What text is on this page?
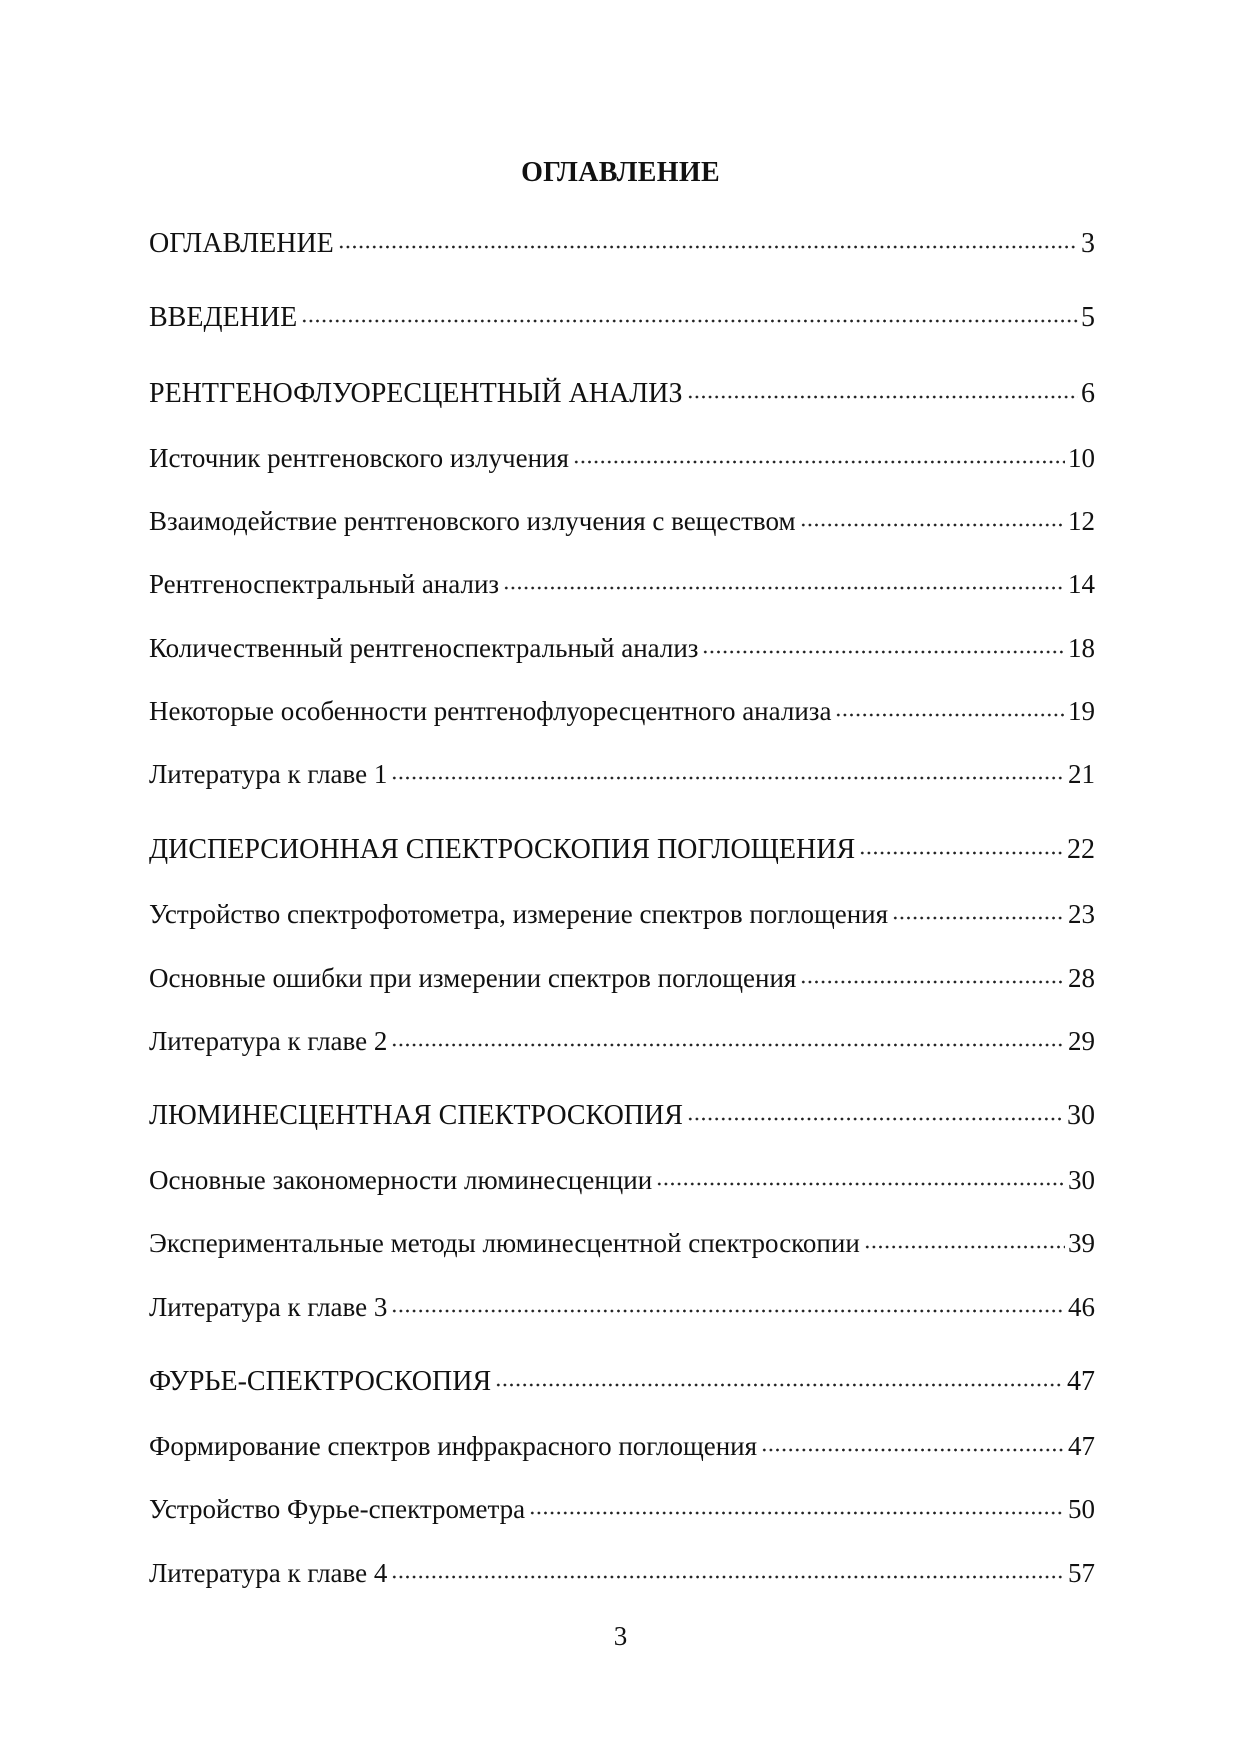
ОГЛАВЛЕНИЕ
ОГЛАВЛЕНИЕ	3
ВВЕДЕНИЕ	5
РЕНТГЕНОФЛУОРЕСЦЕНТНЫЙ АНАЛИЗ	6
Источник рентгеновского излучения	10
Взаимодействие рентгеновского излучения с веществом	12
Рентгеноспектральный анализ	14
Количественный рентгеноспектральный анализ	18
Некоторые особенности рентгенофлуоресцентного анализа	19
Литература к главе 1	21
ДИСПЕРСИОННАЯ СПЕКТРОСКОПИЯ ПОГЛОЩЕНИЯ	22
Устройство спектрофотометра, измерение спектров поглощения	23
Основные ошибки при измерении спектров поглощения	28
Литература к главе 2	29
ЛЮМИНЕСЦЕНТНАЯ СПЕКТРОСКОПИЯ	30
Основные закономерности люминесценции	30
Экспериментальные методы люминесцентной спектроскопии	39
Литература к главе 3	46
ФУРЬЕ-СПЕКТРОСКОПИЯ	47
Формирование спектров инфракрасного поглощения	47
Устройство Фурье-спектрометра	50
Литература к главе 4	57
3
